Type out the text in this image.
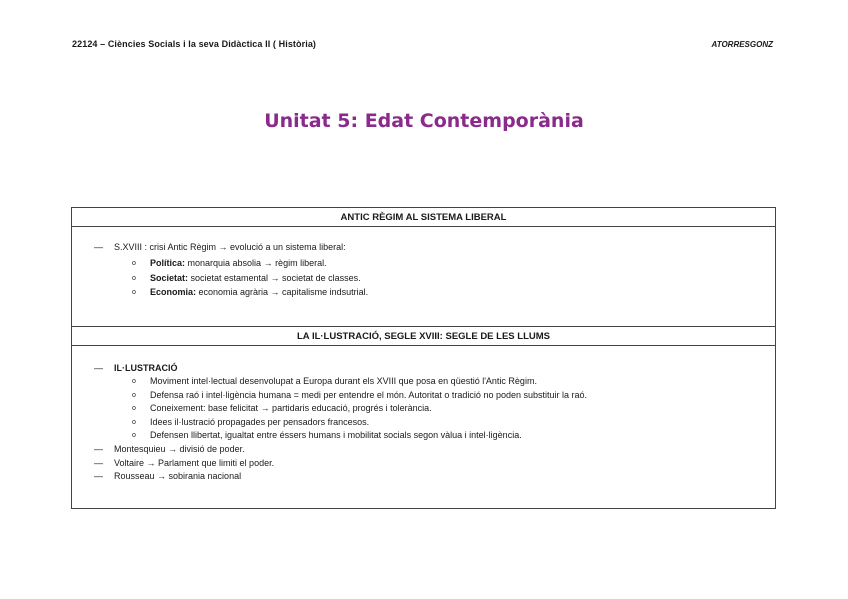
22124 – Ciències Socials i la seva Didàctica II ( Història)	ATORRESGONZ
Unitat 5: Edat Contemporània
ANTIC RÈGIM AL SISTEMA LIBERAL
— S.XVIII : crisi Antic Règim → evolució a un sistema liberal:
o Política: monarquia absolia → règim liberal.
o Societat: societat estamental → societat de classes.
o Economia: economia agrària → capitalisme indsutrial.
LA IL·LUSTRACIÓ, SEGLE XVIII: SEGLE DE LES LLUMS
— IL·LUSTRACIÓ
o Moviment intel·lectual desenvolupat a Europa durant els XVIII que posa en qüestió l'Antic Règim.
o Defensa raó i intel·ligència humana = medi per entendre el món. Autoritat o tradició no poden substituir la raó.
o Coneixement: base felicitat → partidaris educació, progrés i tolerància.
o Idees il·lustració propagades per pensadors francesos.
o Defensen llibertat, igualtat entre éssers humans i mobilitat socials segon vàlua i intel·ligència.
— Montesquieu → divisió de poder.
— Voltaire → Parlament que limiti el poder.
— Rousseau → sobirania nacional
